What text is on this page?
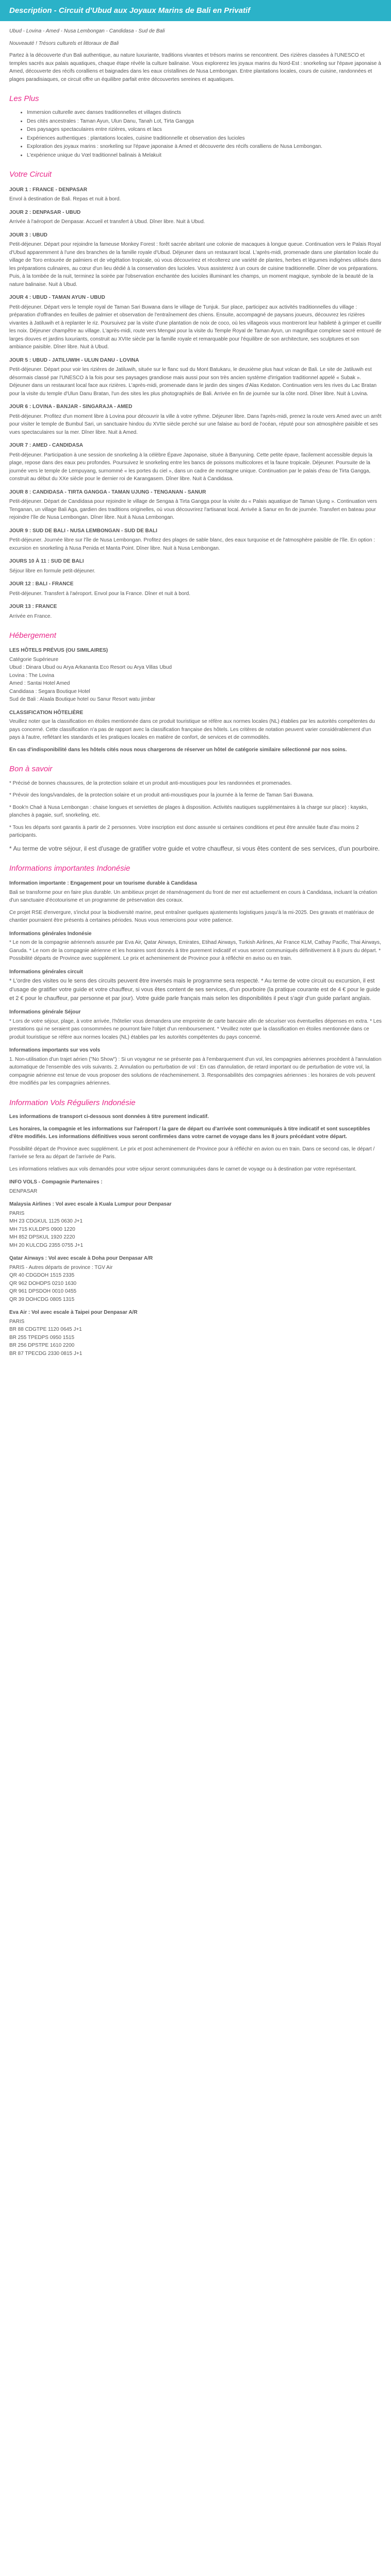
Description - Circuit d'Ubud aux Joyaux Marins de Bali en Privatif
Ubud - Lovina - Amed - Nusa Lembongan - Candidasa - Sud de Bali
Nouveauté ! Trésors culturels et littoraux de Bali
Partez à la découverte d'un Bali authentique, au nature luxuriante, traditions vivantes et trésors marins se rencontrent. Des rizières classées à l'UNESCO et temples sacrés aux palais aquatiques, chaque étape révèle la culture balinaise. Vous explorerez les joyaux marins du Nord-Est : snorkeling sur l'épave japonaise à Amed, découverte des récifs coralliens et baignades dans les eaux cristallines de Nusa Lembongan. Entre plantations locales, cours de cuisine, randonnées et plages paradisiaques, ce circuit offre un équilibre parfait entre découvertes sereines et aquatiques.
Les Plus
• Immersion culturelle avec danses traditionnelles et villages distincts
• Des cités ancestrales : Taman Ayun, Ulun Danu, Tanah Lot, Tirta Gangga
• Des paysages spectaculaires entre rizières, volcans et lacs
• Expériences authentiques : plantations locales, cuisine traditionnelle et observation des lucioles
• Exploration des joyaux marins : snorkeling sur l'épave japonaise à Amed et découverte des récifs coralliens de Nusa Lembongan.
• L'expérience unique du Vœl traditionnel balinais à Melakuit
Votre Circuit
JOUR 1 : FRANCE - DENPASAR
Envol à destination de Bali. Repas et nuit à bord.
JOUR 2 : DENPASAR - UBUD
Arrivée à l'aéroport de Denpasar. Accueil et transfert à Ubud. Dîner libre. Nuit à Ubud.
JOUR 3 : UBUD
Petit-déjeuner. Départ pour rejoindre la fameuse Monkey Forest : forêt sacrée abritant une colonie de macaques à longue queue. Continuation vers le Palais Royal d'Ubud apparemment à l'une des branches de la famille royale d'Ubud. Déjeuner dans un restaurant local. L'après-midi, promenade dans une plantation locale du village de Toro entourée de palmiers et de végétation tropicale, où vous découvrirez et récolterez une variété de plantes, herbes et légumes indigènes utilisés dans les préparations culinaires, au cœur d'un lieu dédié à la conservation des lucioles. Vous assisterez à un cours de cuisine traditionnelle. Dîner de vos préparations. Puis, à la tombée de la nuit, terminez la soirée par l'observation enchantée des lucioles illuminant les champs, un moment magique, symbole de la beauté de la nature balinaise. Nuit à Ubud.
JOUR 4 : UBUD - TAMAN AYUN - UBUD
Petit-déjeuner. Départ vers le temple royal de Taman Sari Buwana dans le village de Tunjuk. Sur place, participez aux activités traditionnelles du village : préparation d'offrandes en feuilles de palmier et observation de l'entraînement des chiens. Ensuite, accompagné de paysans joueurs, découvrez les rizières vivantes à Jatiluwih et à replanter le riz. Poursuivez par la visite d'une plantation de noix de coco, où les villageois vous montreront leur habileté à grimper et cueillir les noix. Déjeuner champêtre au village. L'après-midi, route vers Mengwi pour la visite du Temple Royal de Taman Ayun, un magnifique complexe sacré entouré de larges douves et jardins luxuriants, construit au XVIIe siècle par la famille royale et remarquable pour l'équilibre de son architecture, ses sculptures et son ambiance paisible. Dîner libre. Nuit à Ubud.
JOUR 5 : UBUD - JATILUWIH - ULUN DANU - LOVINA
Petit-déjeuner. Départ pour voir les rizières de Jatiluwih, située sur le flanc sud du Mont Batukaru, le deuxième plus haut volcan de Bali. Le site de Jatiluwih est désormais classé par l'UNESCO à la fois pour ses paysages grandiose mais aussi pour son très ancien système d'irrigation traditionnel appelé « Subak ». Déjeuner dans un restaurant local face aux rizières. L'après-midi, promenade dans le jardin des singes d'Alas Kedaton. Continuation vers les rives du Lac Bratan pour la visite du temple d'Ulun Danu Bratan, l'un des sites les plus photographiés de Bali. Arrivée en fin de journée sur la côte nord. Dîner libre. Nuit à Lovina.
JOUR 6 : LOVINA - BANJAR - SINGARAJA - AMED
Petit-déjeuner. Profitez d'un moment libre à Lovina pour découvrir la ville à votre rythme. Déjeuner libre. Dans l'après-midi, prenez la route vers Amed avec un arrêt pour visiter le temple de Bumbul Sari, un sanctuaire hindou du XVIIe siècle perché sur une falaise au bord de l'océan, réputé pour son atmosphère paisible et ses vues spectaculaires sur la mer. Dîner libre. Nuit à Amed.
JOUR 7 : AMED - CANDIDASA
Petit-déjeuner. Participation à une session de snorkeling à la célèbre Épave Japonaise, située à Banyuning. Cette petite épave, facilement accessible depuis la plage, repose dans des eaux peu profondes. Poursuivez le snorkeling entre les bancs de poissons multicolores et la faune tropicale. Déjeuner. Poursuite de la journée vers le temple de Lempuyang, surnommé « les portes du ciel », dans un cadre de montagne unique. Continuation par le palais d'eau de Tirta Gangga, construit au début du XXe siècle pour le dernier roi de Karangasem. Dîner libre. Nuit à Candidasa.
JOUR 8 : CANDIDASA - TIRTA GANGGA - TAMAN UJUNG - TENGANAN - SANUR
Petit-déjeuner. Départ de Candidasa pour rejoindre le village de Sengaa à Tirta Gangga pour la visite du « Palais aquatique de Taman Ujung ». Continuation vers Tenganan, un village Bali Aga, gardien des traditions originelles, où vous découvrirez l'artisanat local. Arrivée à Sanur en fin de journée. Transfert en bateau pour rejoindre l'île de Nusa Lembongan. Dîner libre. Nuit à Nusa Lembongan.
JOUR 9 : SUD DE BALI - NUSA LEMBONGAN - SUD DE BALI
Petit-déjeuner. Journée libre sur l'île de Nusa Lembongan. Profitez des plages de sable blanc, des eaux turquoise et de l'atmosphère paisible de l'île. En option : excursion en snorkeling à Nusa Penida et Manta Point. Dîner libre. Nuit à Nusa Lembongan.
JOURS 10 À 11 : SUD DE BALI
Séjour libre en formule petit-déjeuner.
JOUR 12 : BALI - FRANCE
Petit-déjeuner. Transfert à l'aéroport. Envol pour la France. Dîner et nuit à bord.
JOUR 13 : FRANCE
Arrivée en France.
Hébergement
LES HÔTELS PRÉVUS (OU SIMILAIRES)
Catégorie Supérieure
Ubud : Dinara Ubud ou Arya Arkananta Eco Resort ou Arya Villas Ubud
Lovina : The Lovina
Amed : Santai Hotel Amed
Candidasa : Segara Boutique Hotel
Sud de Bali : Alaala Boutique hotel ou Sanur Resort watu jimbar
CLASSIFICATION HÔTELIÈRE
Veuillez noter que la classification en étoiles mentionnée dans ce produit touristique se réfère aux normes locales (NL) établies par les autorités compétentes du pays concerné. Cette classification n'a pas de rapport avec la classification française des hôtels. Les critères de notation peuvent varier considérablement d'un pays à l'autre, reflétant les standards et les pratiques locales en matière de confort, de services et de commodités.
En cas d'indisponibilité dans les hôtels cités nous nous chargerons de réserver un hôtel de catégorie similaire sélectionné par nos soins.
Bon à savoir
* Précisé de bonnes chaussures, de la protection solaire et un produit anti-moustiques pour les randonnées et promenades.
* Prévoir des longs/vandales, de la protection solaire et un produit anti-moustiques pour la journée à la ferme de Taman Sari Buwana.
* Book'n Chaé à Nusa Lembongan : chaise longues et serviettes de plages à disposition. Activités nautiques supplémentaires à la charge sur place) : kayaks, planches à pagaie, surf, snorkeling, etc.
* Tous les départs sont garantis à partir de 2 personnes. Votre inscription est donc assurée si certaines conditions et peut être annulée faute d'au moins 2 participants.
* Au terme de votre séjour, il est d'usage de gratifier votre guide et votre chauffeur, si vous êtes content de ses services, d'un pourboire.
Informations importantes Indonésie
Information importante : Engagement pour un tourisme durable à Candidasa
Bali se transforme pour en faire plus durable. Un ambitieux projet de réaménagement du front de mer est actuellement en cours à Candidasa, incluant la création d'un sanctuaire d'écotourisme et un programme de préservation des coraux.
Ce projet RSE d'envergure, s'inclut pour la biodiversité marine, peut entraîner quelques ajustements logistiques jusqu'à la mi-2025. Des gravats et matériaux de chantier pourraient être présents à certaines périodes. Nous vous remercions pour votre patience.
Informations générales Indonésie
* Le nom de la compagnie aérienne/s assurée par Eva Air, Qatar Airways, Emirates, Etihad Airways, Turkish Airlines, Air France KLM, Cathay Pacific, Thai Airways, Garuda. * Le nom de la compagnie aérienne et les horaires sont donnés à titre purement indicatif et vous seront communiqués définitivement à 8 jours du départ. * Possibilité départs de Province avec supplément. Le prix et acheminement de Province pour à réfléchir en aviso ou en train.
Informations générales circuit
* L'ordre des visites ou le sens des circuits peuvent être inversés mais le programme sera respecté. * Au terme de votre circuit ou excursion, il est d'usage de gratifier votre guide et votre chauffeur, si vous êtes content de ses services, d'un pourboire (la pratique courante est de 4 € pour le guide et 2 € pour le chauffeur, par personne et par jour). Votre guide parle français mais selon les disponibilités il peut s'agir d'un guide parlant anglais.
Informations générale Séjour
* Lors de votre séjour, plage, à votre arrivée, l'hôtelier vous demandera une empreinte de carte bancaire afin de sécuriser vos éventuelles dépenses en extra. * Les prestations qui ne seraient pas consommées ne pourront faire l'objet d'un remboursement. * Veuillez noter que la classification en étoiles mentionnée dans ce produit touristique se réfère aux normes locales (NL) établies par les autorités compétentes du pays concerné.
Informations importants sur vos vols
1. Non-utilisation d'un trajet aérien ("No Show") : Si un voyageur ne se présente pas à l'embarquement d'un vol, les compagnies aériennes procèdent à l'annulation automatique de l'ensemble des vols suivants. 2. Annulation ou perturbation de vol : En cas d'annulation, de retard important ou de perturbation de votre vol, la compagnie aérienne est tenue de vous proposer des solutions de réacheminement. 3. Responsabilités des compagnies aériennes : les horaires de vols peuvent être modifiés par les compagnies aériennes.
Information Vols Réguliers Indonésie
Les informations de transport ci-dessous sont données à titre purement indicatif.
Les horaires, la compagnie et les informations sur l'aéroport / la gare de départ ou d'arrivée sont communiqués à titre indicatif et sont susceptibles d'être modifiés. Les informations définitives vous seront confirmées dans votre carnet de voyage dans les 8 jours précédant votre départ.
Possibilité départ de Province avec supplément. Le prix et post acheminement de Province pour à réfléchir en avion ou en train. Dans ce second cas, le départ / l'arrivée se fera au départ de l'arrivée de Paris.
Les informations relatives aux vols demandés pour votre séjour seront communiquées dans le carnet de voyage ou à destination par votre représentant.
INFO VOLS - Compagnie Partenaires :
DENPASAR
Malaysia Airlines : Vol avec escale à Kuala Lumpur pour Denpasar
PARIS
MH 23 CDGKUL 1125 0630 J+1
MH 715 KULDPS 0900 1220
MH 852 DPSKUL 1920 2220
MH 20 KULCDG 2355 0755 J+1
Qatar Airways : Vol avec escale à Doha pour Denpasar A/R
PARIS - Autres départs de province : TGV Air
QR 40 CDGDOH 1515 2335
QR 962 DOHDPS 0210 1630
QR 961 DPSDOH 0010 0455
QR 39 DOHCDG 0805 1315
Eva Air : Vol avec escale à Taipei pour Denpasar A/R
PARIS
BR 88 CDGTPE 1120 0645 J+1
BR 255 TPEDPS 0950 1515
BR 256 DPSTPE 1610 2200
BR 87 TPECDG 2330 0815 J+1
